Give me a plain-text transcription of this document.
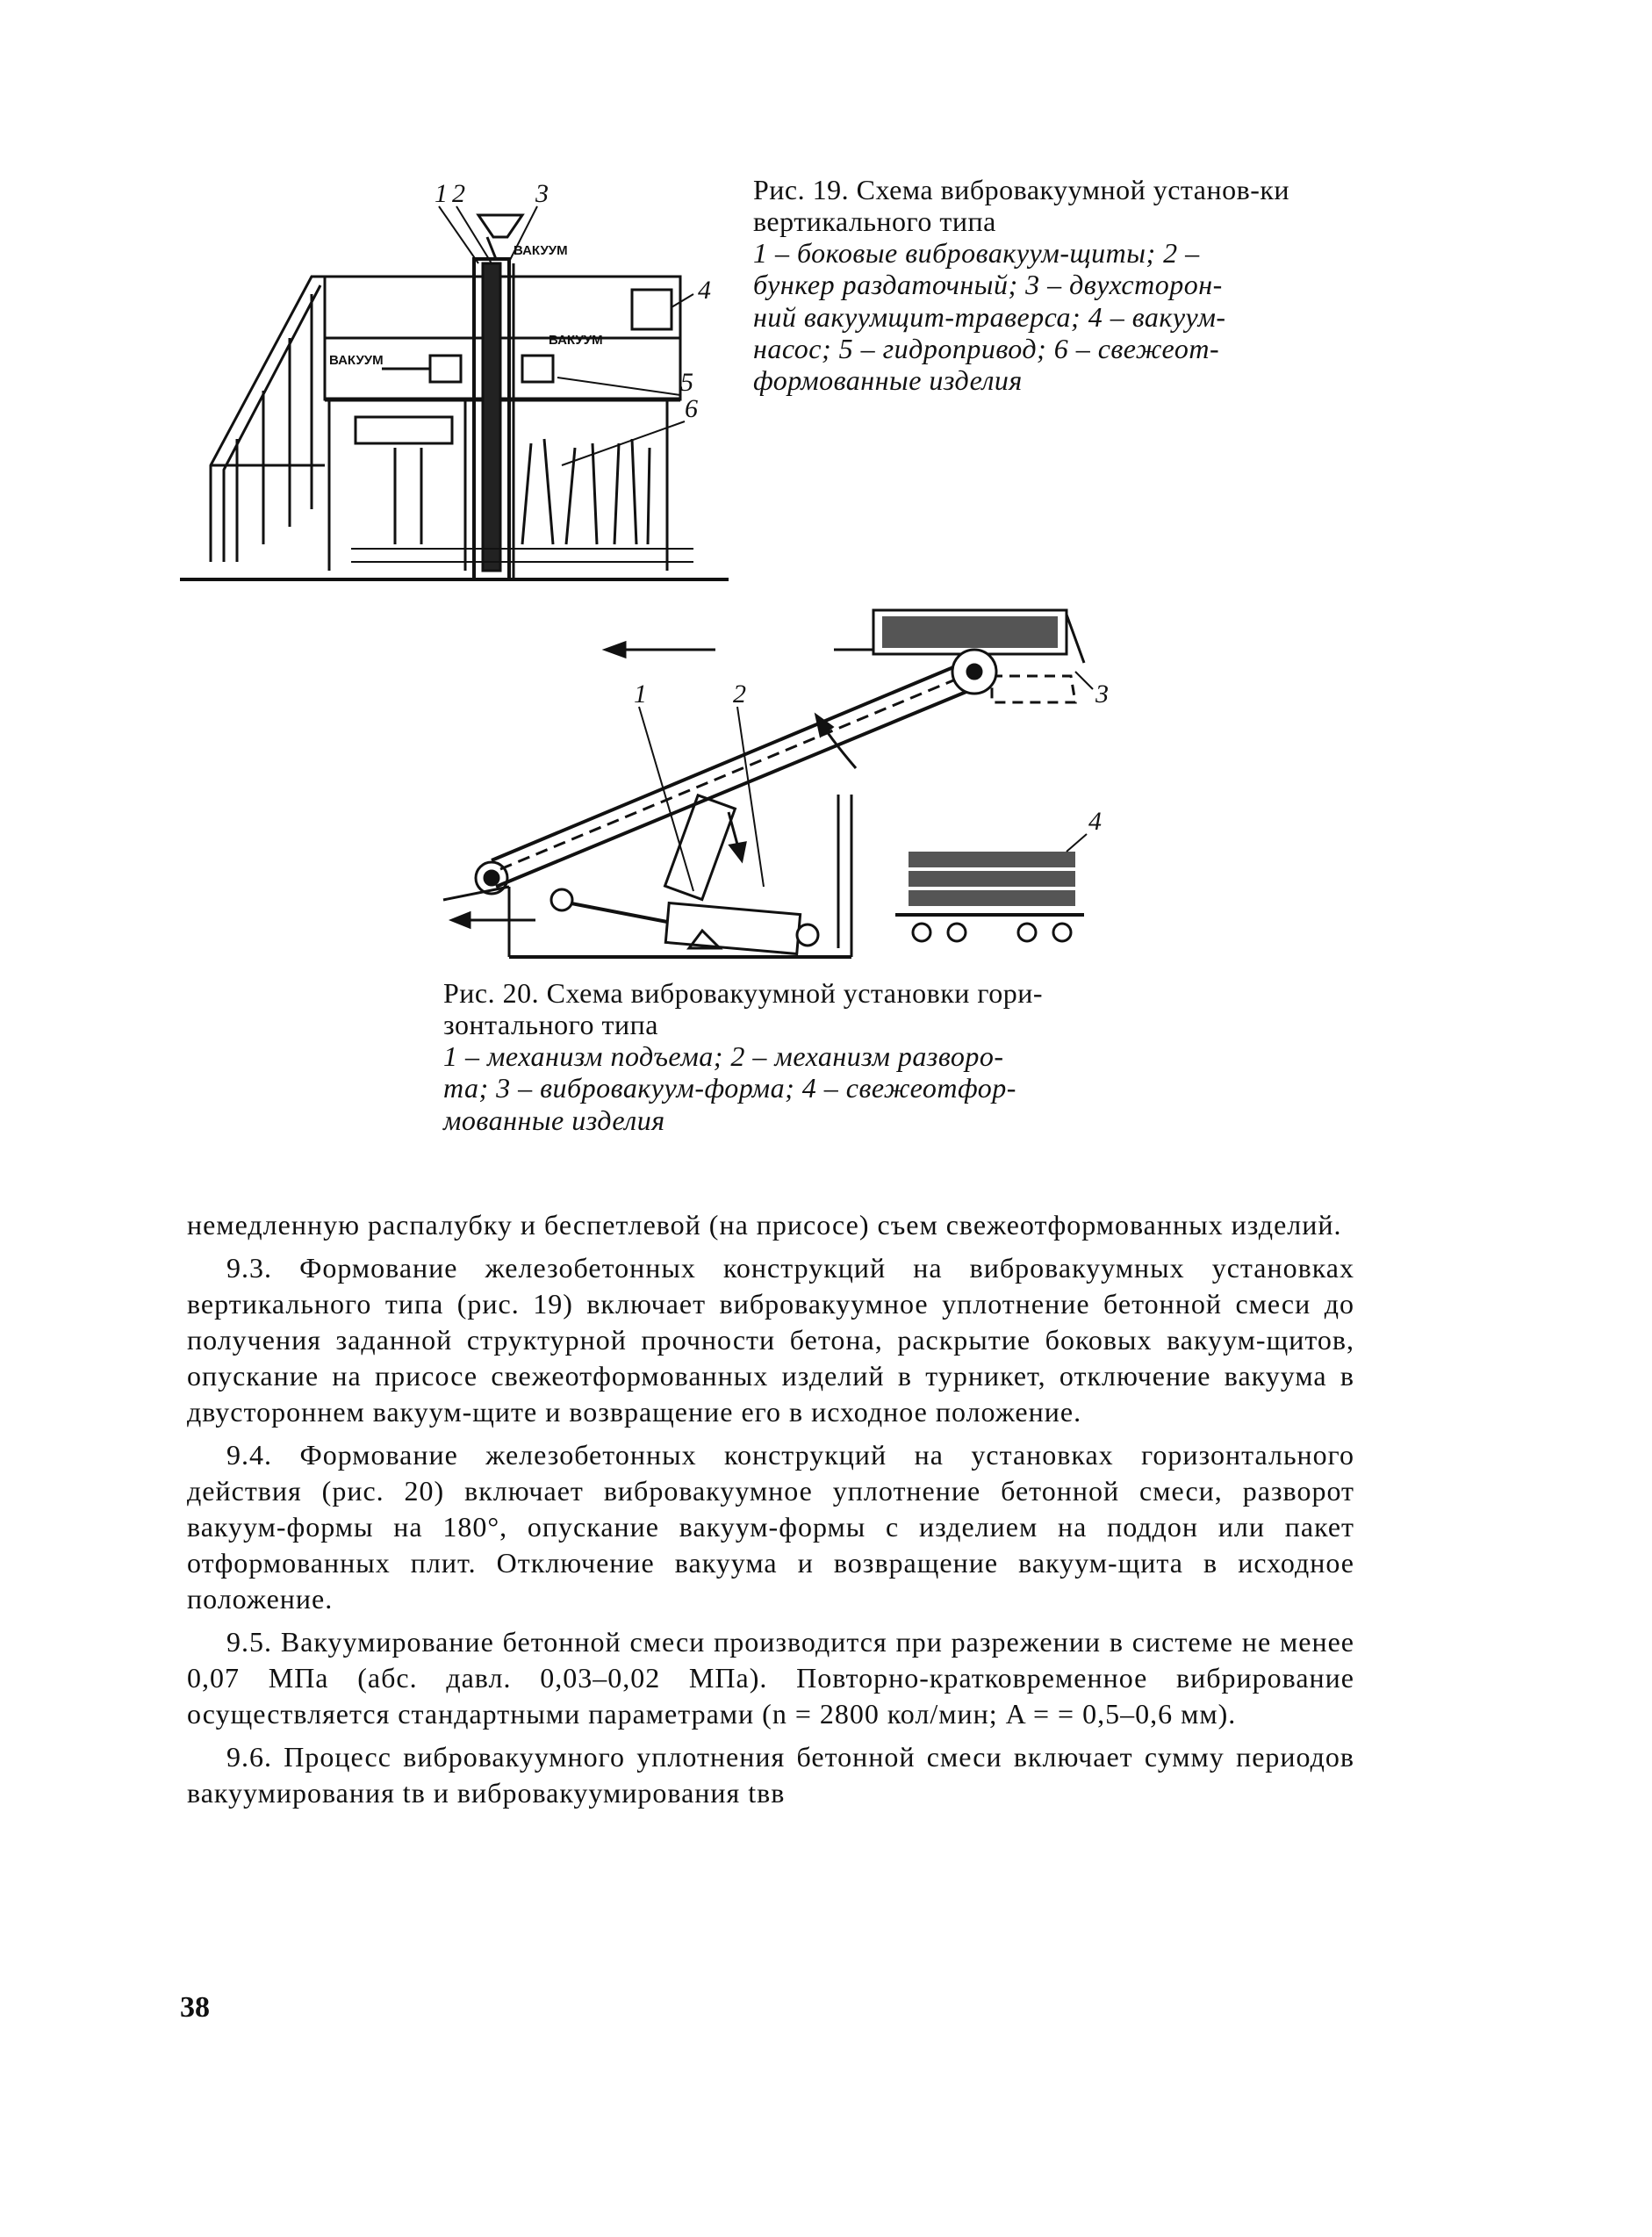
1 2	3
4
5
6
ВАКУУМ
ВАКУУМ
ВАКУУМ
Рис. 19. Схема вибровакуумной установ-ки вертикального типа
1 – боковые вибровакуум-щиты; 2 –
бункер раздаточный; 3 – двухсторон-
ний вакуумщит-траверса; 4 – вакуум-
насос; 5 – гидропривод; 6 – свежеот-
формованные изделия
1	2	3
4
Рис. 20. Схема вибровакуумной установки гори-
зонтального типа
1 – механизм подъема; 2 – механизм разворо-
та; 3 – вибровакуум-форма; 4 – свежеотфор-
мованные изделия

немедленную распалубку и беспетлевой (на присосе) съем свежеотформованных изделий.

9.3. Формование железобетонных конструкций на вибровакуумных установках вертикального типа (рис. 19) включает вибровакуумное уплотнение бетонной смеси до получения заданной структурной прочности бетона, раскрытие боковых вакуум-щитов, опускание на присосе свежеотформованных изделий в турникет, отключение вакуума в двустороннем вакуум-щите и возвращение его в исходное положение.

9.4. Формование железобетонных конструкций на установках горизонтального действия (рис. 20) включает вибровакуумное уплотнение бетонной смеси, разворот вакуум-формы на 180°, опускание вакуум-формы с изделием на поддон или пакет отформованных плит. Отключение вакуума и возвращение вакуум-щита в исходное положение.

9.5. Вакуумирование бетонной смеси производится при разрежении в системе не менее 0,07 МПа (абс. давл. 0,03–0,02 МПа). Повторно-кратковременное вибрирование осуществляется стандартными параметрами (n = 2800 кол/мин; A = = 0,5–0,6 мм).

9.6. Процесс вибровакуумного уплотнения бетонной смеси включает сумму периодов вакуумирования tв и вибровакуумирования tвв

38
